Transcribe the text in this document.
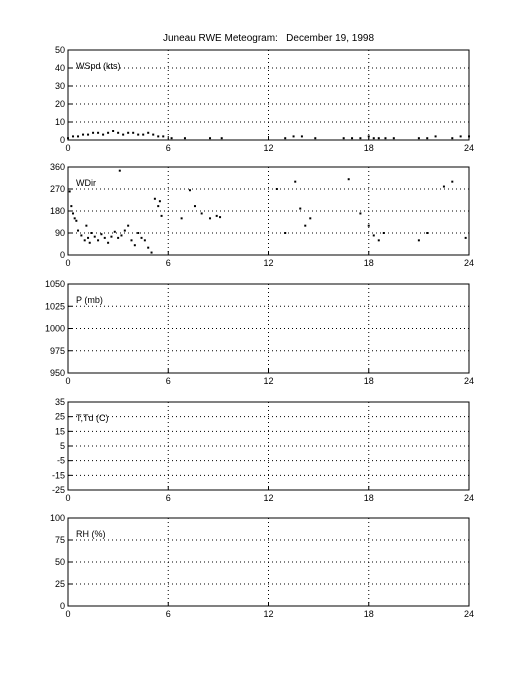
Juneau RWE Meteogram:   December 19, 1998
0	6	12	18	24
0
10
20
30
40
50
WSpd (kts)
0	6	12	18	24
0
90
180
270
360
WDir
0	6	12	18	24
950
975
1000
1025
1050
P (mb)
0	6	12	18	24
-25
-15
-5
5
15
25
35
T,Td (C)
0	6	12	18	24
0
25
50
75
100
RH (%)
